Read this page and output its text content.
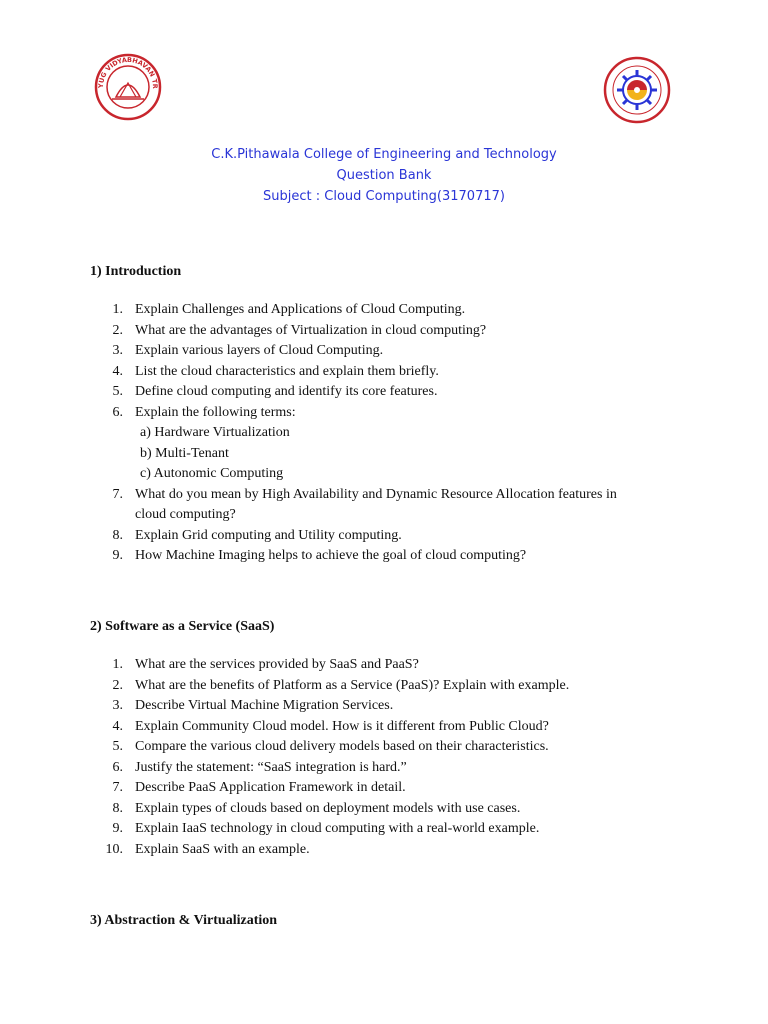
YUG VIDYABHAVAN TR
C.K.Pithawala College of Engineering and Technology
Question Bank
Subject : Cloud Computing(3170717)
1) Introduction
1. Explain Challenges and Applications of Cloud Computing.
2. What are the advantages of Virtualization in cloud computing?
3. Explain various layers of Cloud Computing.
4. List the cloud characteristics and explain them briefly.
5. Define cloud computing and identify its core features.
6. Explain the following terms:
a) Hardware Virtualization
b) Multi-Tenant
c) Autonomic Computing
7. What do you mean by High Availability and Dynamic Resource Allocation features in
cloud computing?
8. Explain Grid computing and Utility computing.
9. How Machine Imaging helps to achieve the goal of cloud computing?
2) Software as a Service (SaaS)
1. What are the services provided by SaaS and PaaS?
2. What are the benefits of Platform as a Service (PaaS)? Explain with example.
3. Describe Virtual Machine Migration Services.
4. Explain Community Cloud model. How is it different from Public Cloud?
5. Compare the various cloud delivery models based on their characteristics.
6. Justify the statement: “SaaS integration is hard.”
7. Describe PaaS Application Framework in detail.
8. Explain types of clouds based on deployment models with use cases.
9. Explain IaaS technology in cloud computing with a real-world example.
10. Explain SaaS with an example.
3) Abstraction & Virtualization
